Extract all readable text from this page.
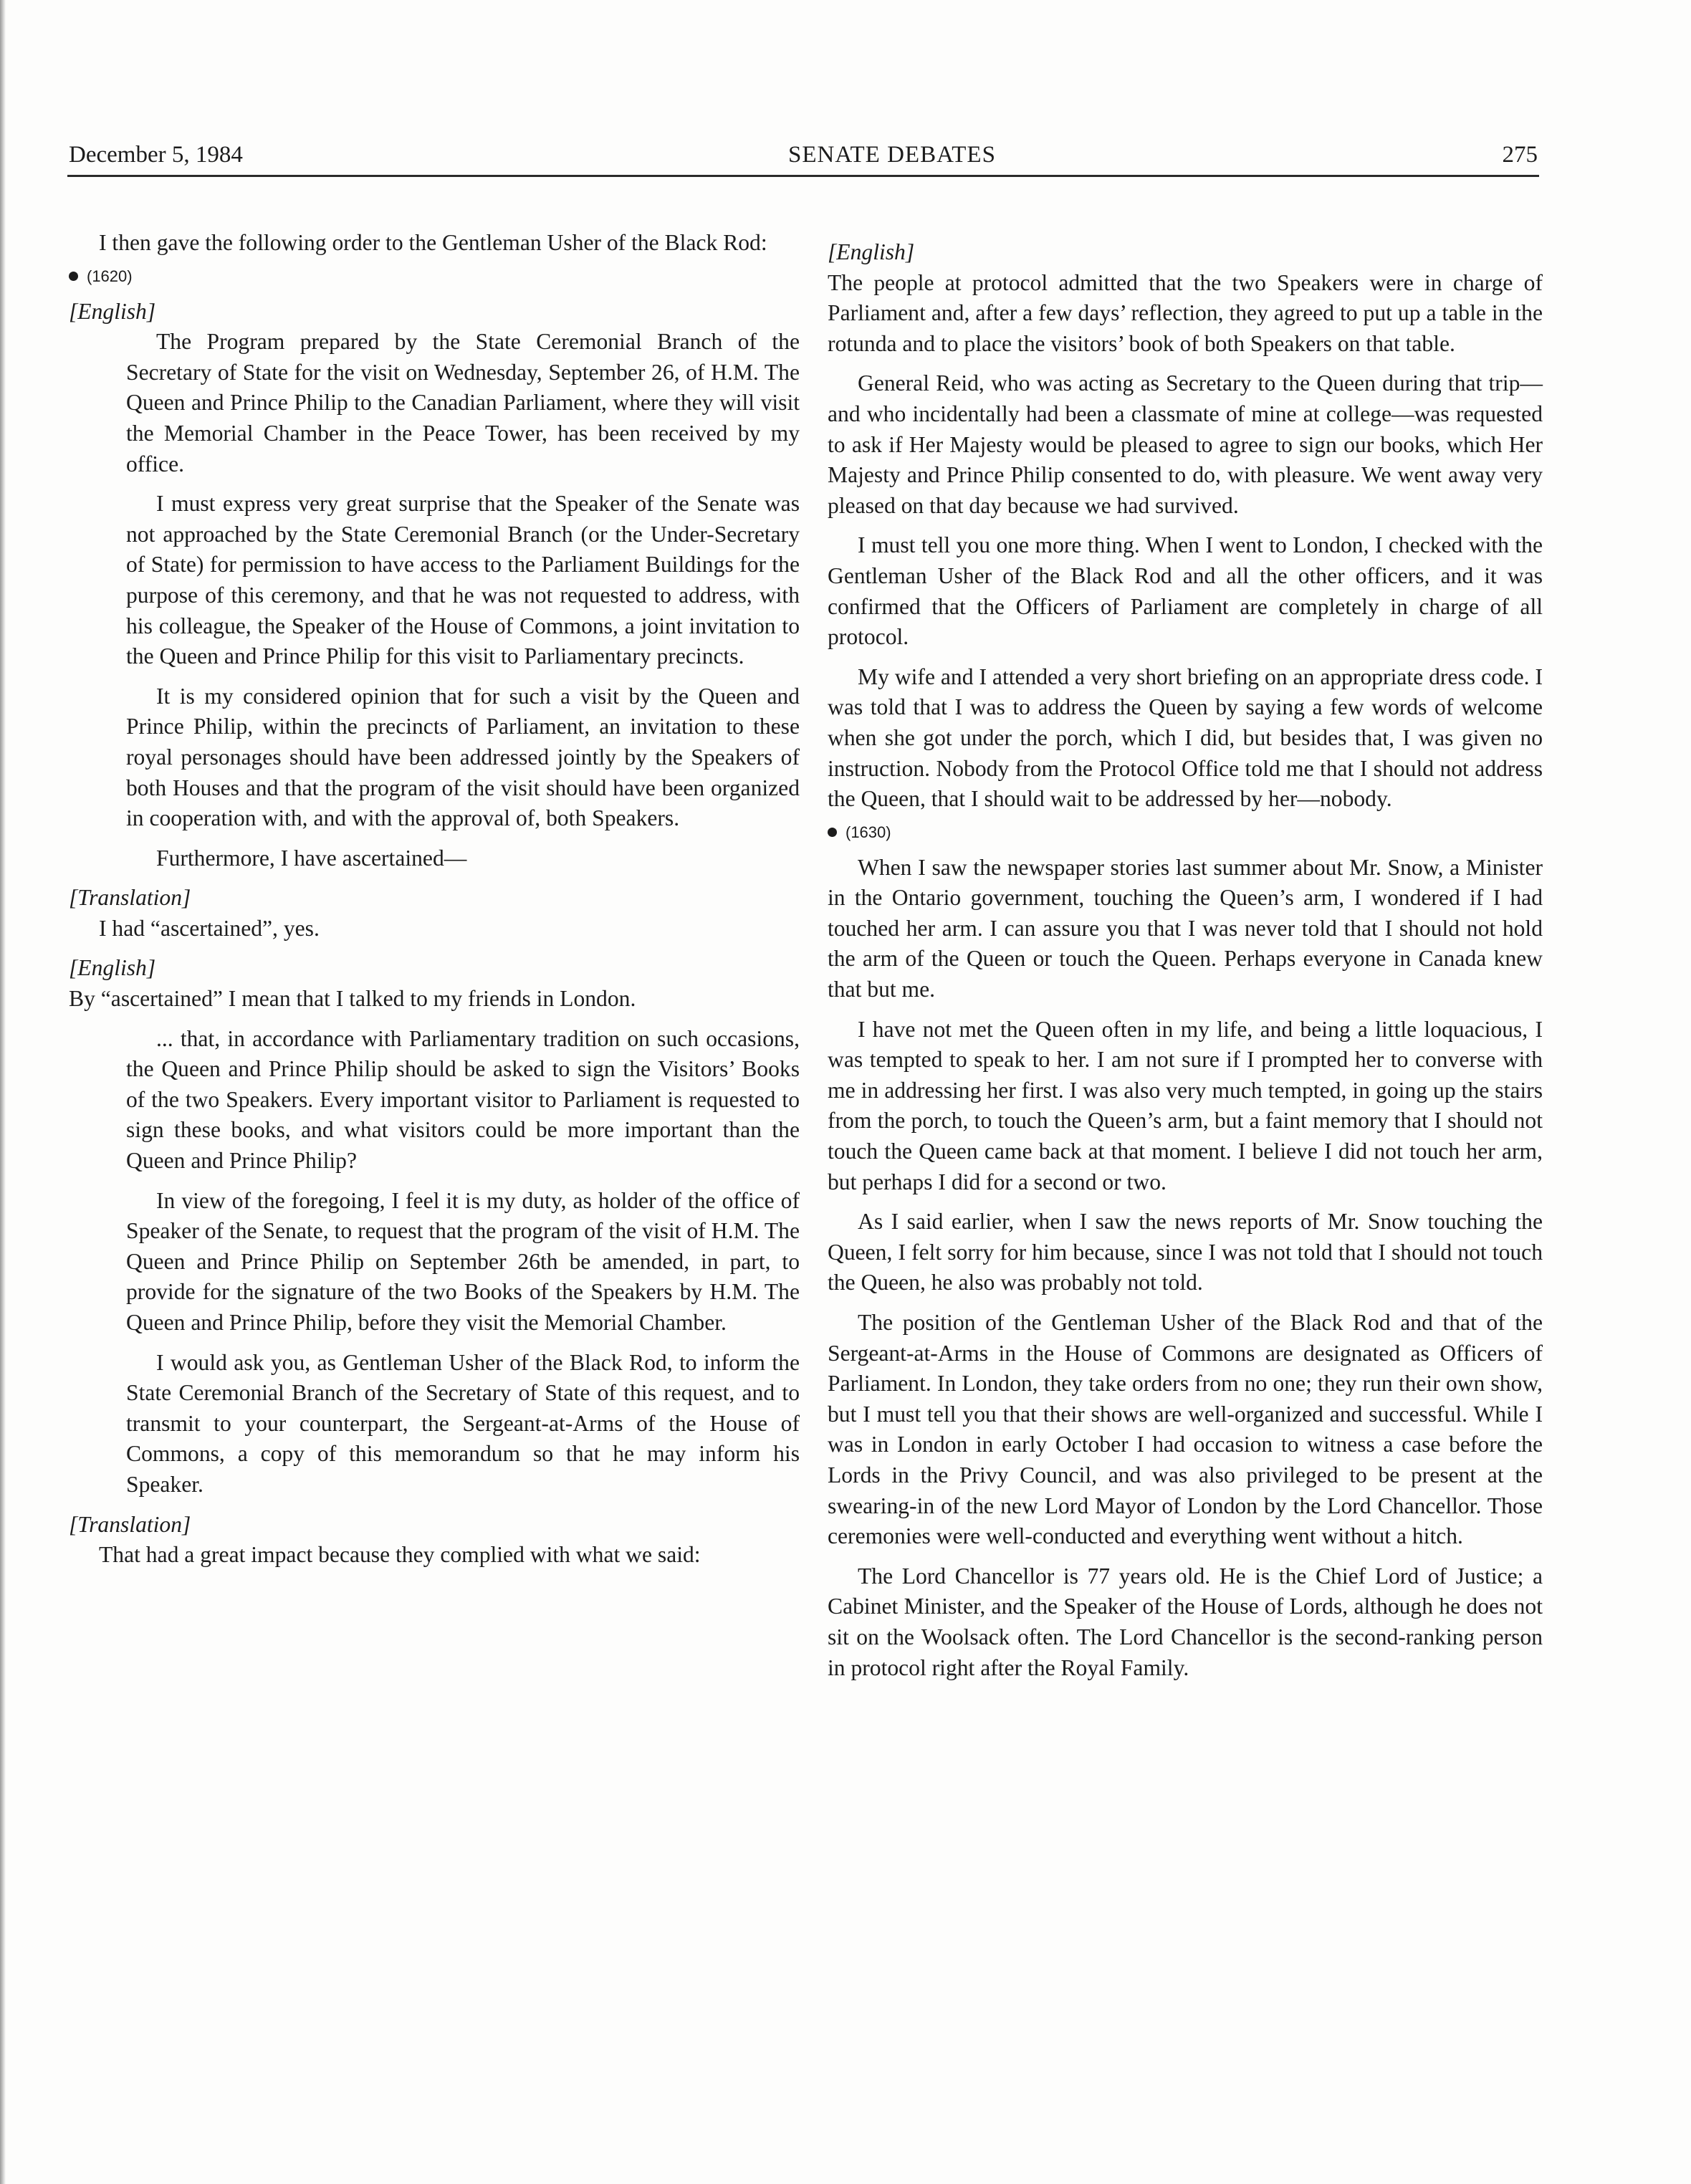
December 5, 1984	SENATE DEBATES	275

I then gave the following order to the Gentleman Usher of the Black Rod:

(1620)

[English]

The Program prepared by the State Ceremonial Branch of the Secretary of State for the visit on Wednesday, September 26, of H.M. The Queen and Prince Philip to the Canadian Parliament, where they will visit the Memorial Chamber in the Peace Tower, has been received by my office.

I must express very great surprise that the Speaker of the Senate was not approached by the State Ceremonial Branch (or the Under-Secretary of State) for permission to have access to the Parliament Buildings for the purpose of this ceremony, and that he was not requested to address, with his colleague, the Speaker of the House of Commons, a joint invitation to the Queen and Prince Philip for this visit to Parliamentary precincts.

It is my considered opinion that for such a visit by the Queen and Prince Philip, within the precincts of Parliament, an invitation to these royal personages should have been addressed jointly by the Speakers of both Houses and that the program of the visit should have been organized in cooperation with, and with the approval of, both Speakers.

Furthermore, I have ascertained—

[Translation]

I had “ascertained”, yes.

[English]

By “ascertained” I mean that I talked to my friends in London.

... that, in accordance with Parliamentary tradition on such occasions, the Queen and Prince Philip should be asked to sign the Visitors’ Books of the two Speakers. Every important visitor to Parliament is requested to sign these books, and what visitors could be more important than the Queen and Prince Philip?

In view of the foregoing, I feel it is my duty, as holder of the office of Speaker of the Senate, to request that the program of the visit of H.M. The Queen and Prince Philip on September 26th be amended, in part, to provide for the signature of the two Books of the Speakers by H.M. The Queen and Prince Philip, before they visit the Memorial Chamber.

I would ask you, as Gentleman Usher of the Black Rod, to inform the State Ceremonial Branch of the Secretary of State of this request, and to transmit to your counterpart, the Sergeant-at-Arms of the House of Commons, a copy of this memorandum so that he may inform his Speaker.

[Translation]

That had a great impact because they complied with what we said:

[English]

The people at protocol admitted that the two Speakers were in charge of Parliament and, after a few days’ reflection, they agreed to put up a table in the rotunda and to place the visitors’ book of both Speakers on that table.

General Reid, who was acting as Secretary to the Queen during that trip—and who incidentally had been a classmate of mine at college—was requested to ask if Her Majesty would be pleased to agree to sign our books, which Her Majesty and Prince Philip consented to do, with pleasure. We went away very pleased on that day because we had survived.

I must tell you one more thing. When I went to London, I checked with the Gentleman Usher of the Black Rod and all the other officers, and it was confirmed that the Officers of Parliament are completely in charge of all protocol.

My wife and I attended a very short briefing on an appropriate dress code. I was told that I was to address the Queen by saying a few words of welcome when she got under the porch, which I did, but besides that, I was given no instruction. Nobody from the Protocol Office told me that I should not address the Queen, that I should wait to be addressed by her—nobody.

(1630)

When I saw the newspaper stories last summer about Mr. Snow, a Minister in the Ontario government, touching the Queen’s arm, I wondered if I had touched her arm. I can assure you that I was never told that I should not hold the arm of the Queen or touch the Queen. Perhaps everyone in Canada knew that but me.

I have not met the Queen often in my life, and being a little loquacious, I was tempted to speak to her. I am not sure if I prompted her to converse with me in addressing her first. I was also very much tempted, in going up the stairs from the porch, to touch the Queen’s arm, but a faint memory that I should not touch the Queen came back at that moment. I believe I did not touch her arm, but perhaps I did for a second or two.

As I said earlier, when I saw the news reports of Mr. Snow touching the Queen, I felt sorry for him because, since I was not told that I should not touch the Queen, he also was probably not told.

The position of the Gentleman Usher of the Black Rod and that of the Sergeant-at-Arms in the House of Commons are designated as Officers of Parliament. In London, they take orders from no one; they run their own show, but I must tell you that their shows are well-organized and successful. While I was in London in early October I had occasion to witness a case before the Lords in the Privy Council, and was also privileged to be present at the swearing-in of the new Lord Mayor of London by the Lord Chancellor. Those ceremonies were well-conducted and everything went without a hitch.

The Lord Chancellor is 77 years old. He is the Chief Lord of Justice; a Cabinet Minister, and the Speaker of the House of Lords, although he does not sit on the Woolsack often. The Lord Chancellor is the second-ranking person in protocol right after the Royal Family.
